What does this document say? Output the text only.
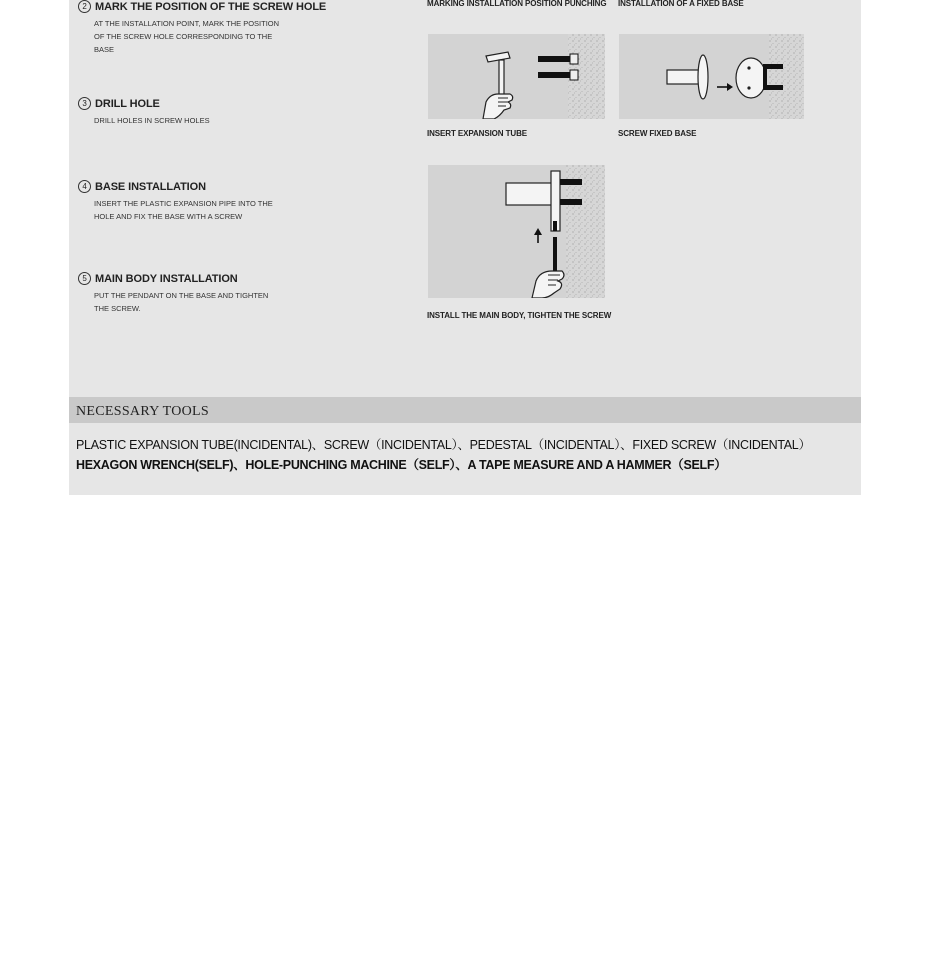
2 MARK THE POSITION OF THE SCREW HOLE
AT THE INSTALLATION POINT, MARK THE POSITION OF THE SCREW HOLE CORRESPONDING TO THE BASE
3 DRILL HOLE
DRILL HOLES IN SCREW HOLES
4 BASE INSTALLATION
INSERT THE PLASTIC EXPANSION PIPE INTO THE HOLE AND FIX THE BASE WITH A SCREW
5 MAIN BODY INSTALLATION
PUT THE PENDANT ON THE BASE AND TIGHTEN THE SCREW.
MARKING INSTALLATION POSITION PUNCHING INSTALLATION OF A FIXED BASE
INSERT EXPANSION TUBE	SCREW FIXED BASE
INSTALL THE MAIN BODY, TIGHTEN THE SCREW
NECESSARY TOOLS
PLASTIC EXPANSION TUBE(INCIDENTAL)、SCREW（INCIDENTAL）、PEDESTAL（INCIDENTAL）、FIXED SCREW（INCIDENTAL）
HEXAGON WRENCH(SELF)、HOLE-PUNCHING MACHINE（SELF）、A TAPE MEASURE AND A HAMMER（SELF）
